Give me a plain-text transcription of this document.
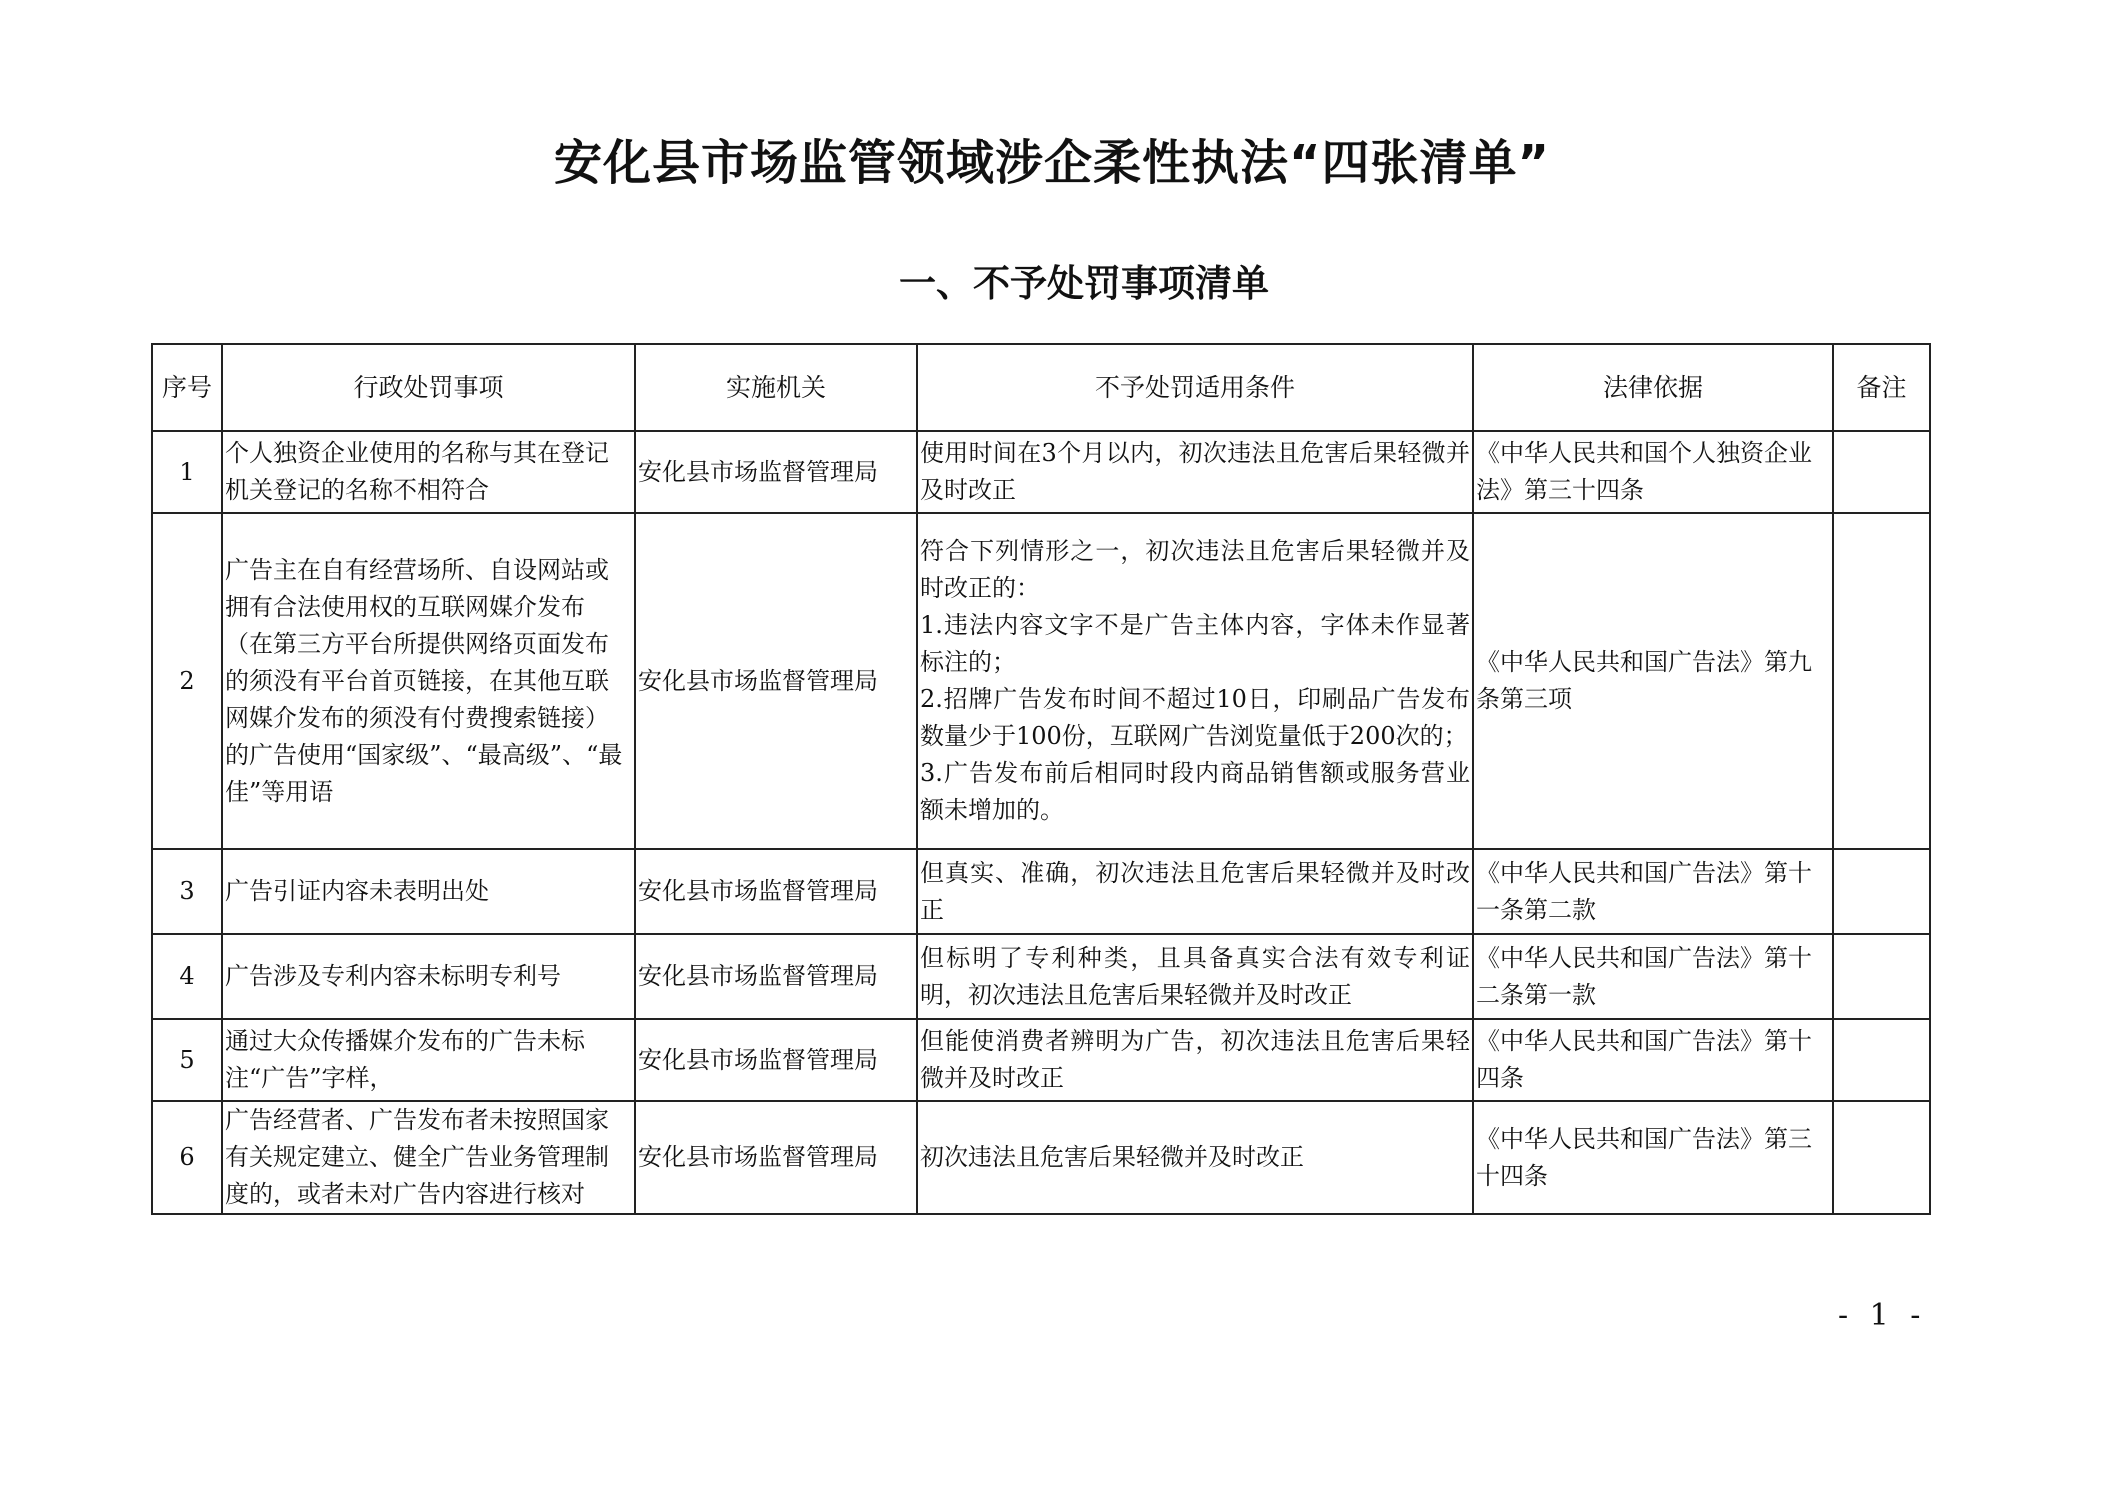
安化县市场监管领域涉企柔性执法“四张清单”
一、不予处罚事项清单
序号	行政处罚事项	实施机关	不予处罚适用条件	法律依据	备注
1	个人独资企业使用的名称与其在登记机关登记的名称不相符合	安化县市场监督管理局	使用时间在3个月以内，初次违法且危害后果轻微并及时改正	《中华人民共和国个人独资企业法》第三十四条	
2	广告主在自有经营场所、自设网站或拥有合法使用权的互联网媒介发布（在第三方平台所提供网络页面发布的须没有平台首页链接，在其他互联网媒介发布的须没有付费搜索链接）的广告使用“国家级”、“最高级”、“最佳”等用语	安化县市场监督管理局	符合下列情形之一，初次违法且危害后果轻微并及时改正的：
1.违法内容文字不是广告主体内容，字体未作显著标注的；
2.招牌广告发布时间不超过10日，印刷品广告发布数量少于100份，互联网广告浏览量低于200次的；
3.广告发布前后相同时段内商品销售额或服务营业额未增加的。	《中华人民共和国广告法》第九条第三项	
3	广告引证内容未表明出处	安化县市场监督管理局	但真实、准确，初次违法且危害后果轻微并及时改正	《中华人民共和国广告法》第十一条第二款	
4	广告涉及专利内容未标明专利号	安化县市场监督管理局	但标明了专利种类，且具备真实合法有效专利证明，初次违法且危害后果轻微并及时改正	《中华人民共和国广告法》第十二条第一款	
5	通过大众传播媒介发布的广告未标注“广告”字样，	安化县市场监督管理局	但能使消费者辨明为广告，初次违法且危害后果轻微并及时改正	《中华人民共和国广告法》第十四条	
6	广告经营者、广告发布者未按照国家有关规定建立、健全广告业务管理制度的，或者未对广告内容进行核对	安化县市场监督管理局	初次违法且危害后果轻微并及时改正	《中华人民共和国广告法》第三十四条	
- 1 -
